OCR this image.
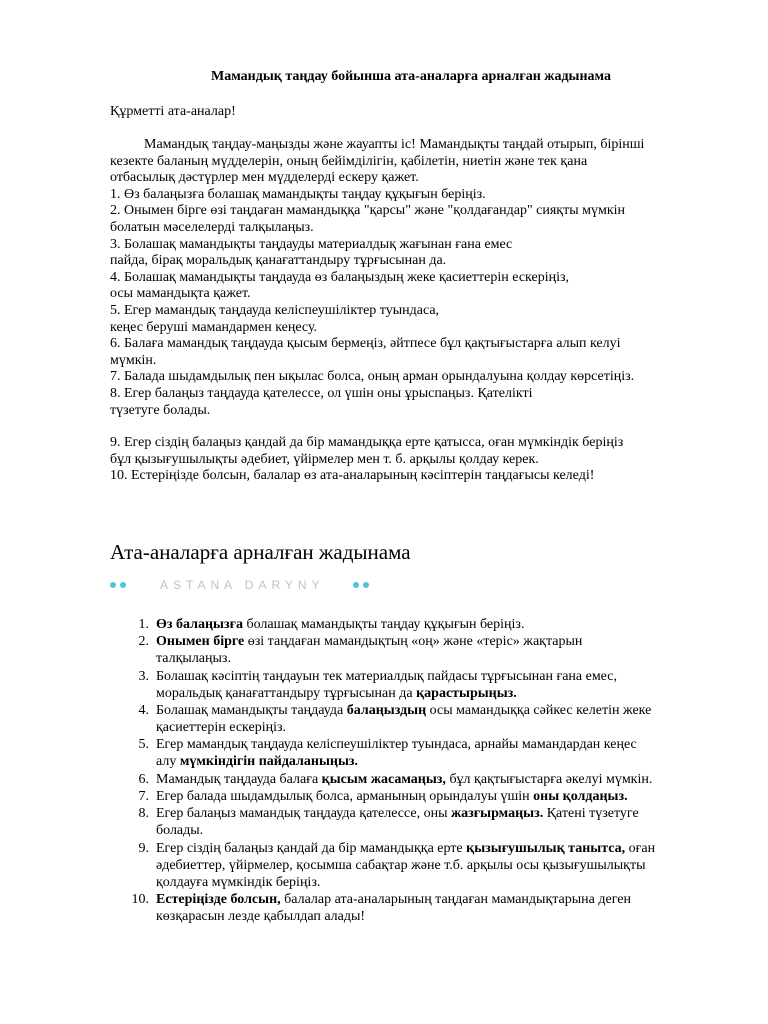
Мамандық таңдау бойынша ата-аналарға арналған жадынама
Құрметті ата-аналар!
Мамандық таңдау-маңызды және жауапты іс! Мамандықты таңдай отырып, бірінші
кезекте баланың мүдделерін, оның бейімділігін, қабілетін, ниетін және тек қана
отбасылық дәстүрлер мен мүдделерді ескеру қажет.
1. Өз балаңызға болашақ мамандықты таңдау құқығын беріңіз.
2. Онымен бірге өзі таңдаған мамандыққа "қарсы" және "қолдағандар" сияқты мүмкін
болатын мәселелерді талқылаңыз.
3. Болашақ мамандықты таңдауды материалдық жағынан ғана емес
пайда, бірақ моральдық қанағаттандыру тұрғысынан да.
4. Болашақ мамандықты таңдауда өз балаңыздың жеке қасиеттерін ескеріңіз,
осы мамандықта қажет.
5. Егер мамандық таңдауда келіспеушіліктер туындаса,
кеңес беруші мамандармен кеңесу.
6. Балаға мамандық таңдауда қысым бермеңіз, әйтпесе бұл қақтығыстарға алып келуі
мүмкін.
7. Балада шыдамдылық пен ықылас болса, оның арман орындалуына қолдау көрсетіңіз.
8. Егер балаңыз таңдауда қателессе, ол үшін оны ұрыспаңыз. Қателікті
түзетуге болады.
9. Егер сіздің балаңыз қандай да бір мамандыққа ерте қатысса, оған мүмкіндік беріңіз
бұл қызығушылықты әдебиет, үйірмелер мен т. б. арқылы қолдау керек.
10. Естеріңізде болсын, балалар өз ата-аналарының кәсіптерін таңдағысы келеді!
Ата-аналарға арналған жадынама
ASTANA DARYNY
1. Өз балаңызға болашақ мамандықты таңдау құқығын беріңіз.
2. Онымен бірге өзі таңдаған мамандықтың «оң» және «теріс» жақтарын
талқылаңыз.
3. Болашақ кәсіптің таңдауын тек материалдық пайдасы тұрғысынан ғана емес,
моральдық қанағаттандыру тұрғысынан да қарастырыңыз.
4. Болашақ мамандықты таңдауда балаңыздың осы мамандыққа сәйкес келетін жеке
қасиеттерін ескеріңіз.
5. Егер мамандық таңдауда келіспеушіліктер туындаса, арнайы мамандардан кеңес
алу мүмкіндігін пайдаланыңыз.
6. Мамандық таңдауда балаға қысым жасамаңыз, бұл қақтығыстарға әкелуі мүмкін.
7. Егер балада шыдамдылық болса, арманының орындалуы үшін оны қолдаңыз.
8. Егер балаңыз мамандық таңдауда қателессе, оны жазғырмаңыз. Қатені түзетуге
болады.
9. Егер сіздің балаңыз қандай да бір мамандыққа ерте қызығушылық танытса, оған
әдебиеттер, үйірмелер, қосымша сабақтар және т.б. арқылы осы қызығушылықты
қолдауға мүмкіндік беріңіз.
10. Естеріңізде болсын, балалар ата-аналарының таңдаған мамандықтарына деген
көзқарасын лезде қабылдап алады!
